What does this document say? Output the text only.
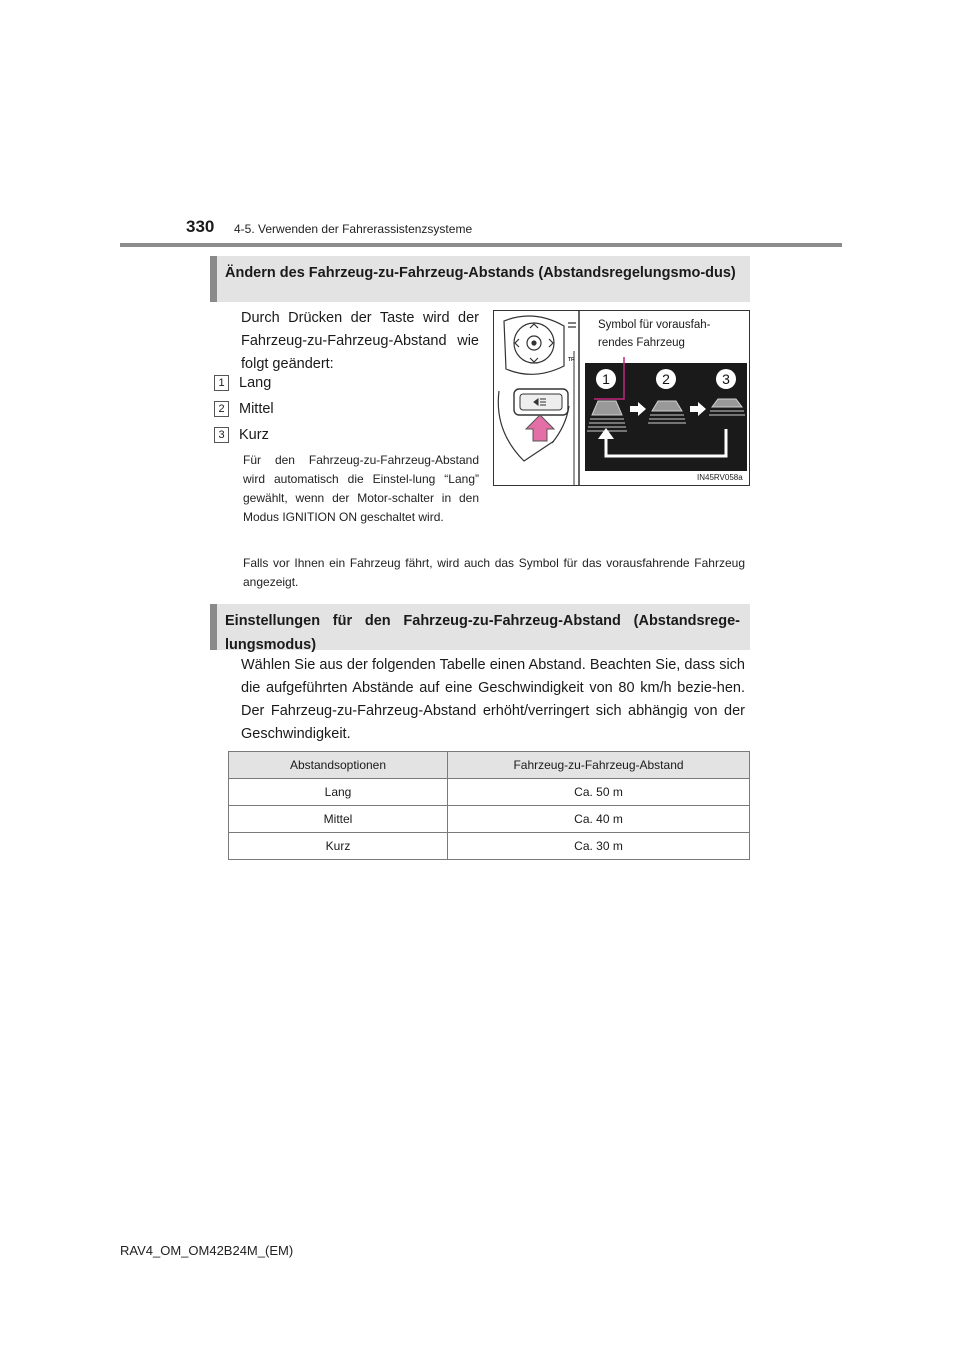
330 4-5. Verwenden der Fahrerassistenzsysteme
Ändern des Fahrzeug-zu-Fahrzeug-Abstands (Abstandsregelungsmo-dus)
Durch Drücken der Taste wird der Fahrzeug-zu-Fahrzeug-Abstand wie folgt geändert:
1 Lang
2 Mittel
3 Kurz
Für den Fahrzeug-zu-Fahrzeug-Abstand wird automatisch die Einstel-lung “Lang” gewählt, wenn der Motor-schalter in den Modus IGNITION ON geschaltet wird.
TR
1	2	3
Symbol für vorausfah-rendes Fahrzeug
IN45RV058a
Falls vor Ihnen ein Fahrzeug fährt, wird auch das Symbol für das vorausfahrende Fahrzeug angezeigt.
Einstellungen für den Fahrzeug-zu-Fahrzeug-Abstand (Abstandsrege-lungsmodus)
Wählen Sie aus der folgenden Tabelle einen Abstand. Beachten Sie, dass sich die aufgeführten Abstände auf eine Geschwindigkeit von 80 km/h bezie-hen. Der Fahrzeug-zu-Fahrzeug-Abstand erhöht/verringert sich abhängig von der Geschwindigkeit.
Abstandsoptionen	Fahrzeug-zu-Fahrzeug-Abstand
Lang	Ca. 50 m
Mittel	Ca. 40 m
Kurz	Ca. 30 m
RAV4_OM_OM42B24M_(EM)
